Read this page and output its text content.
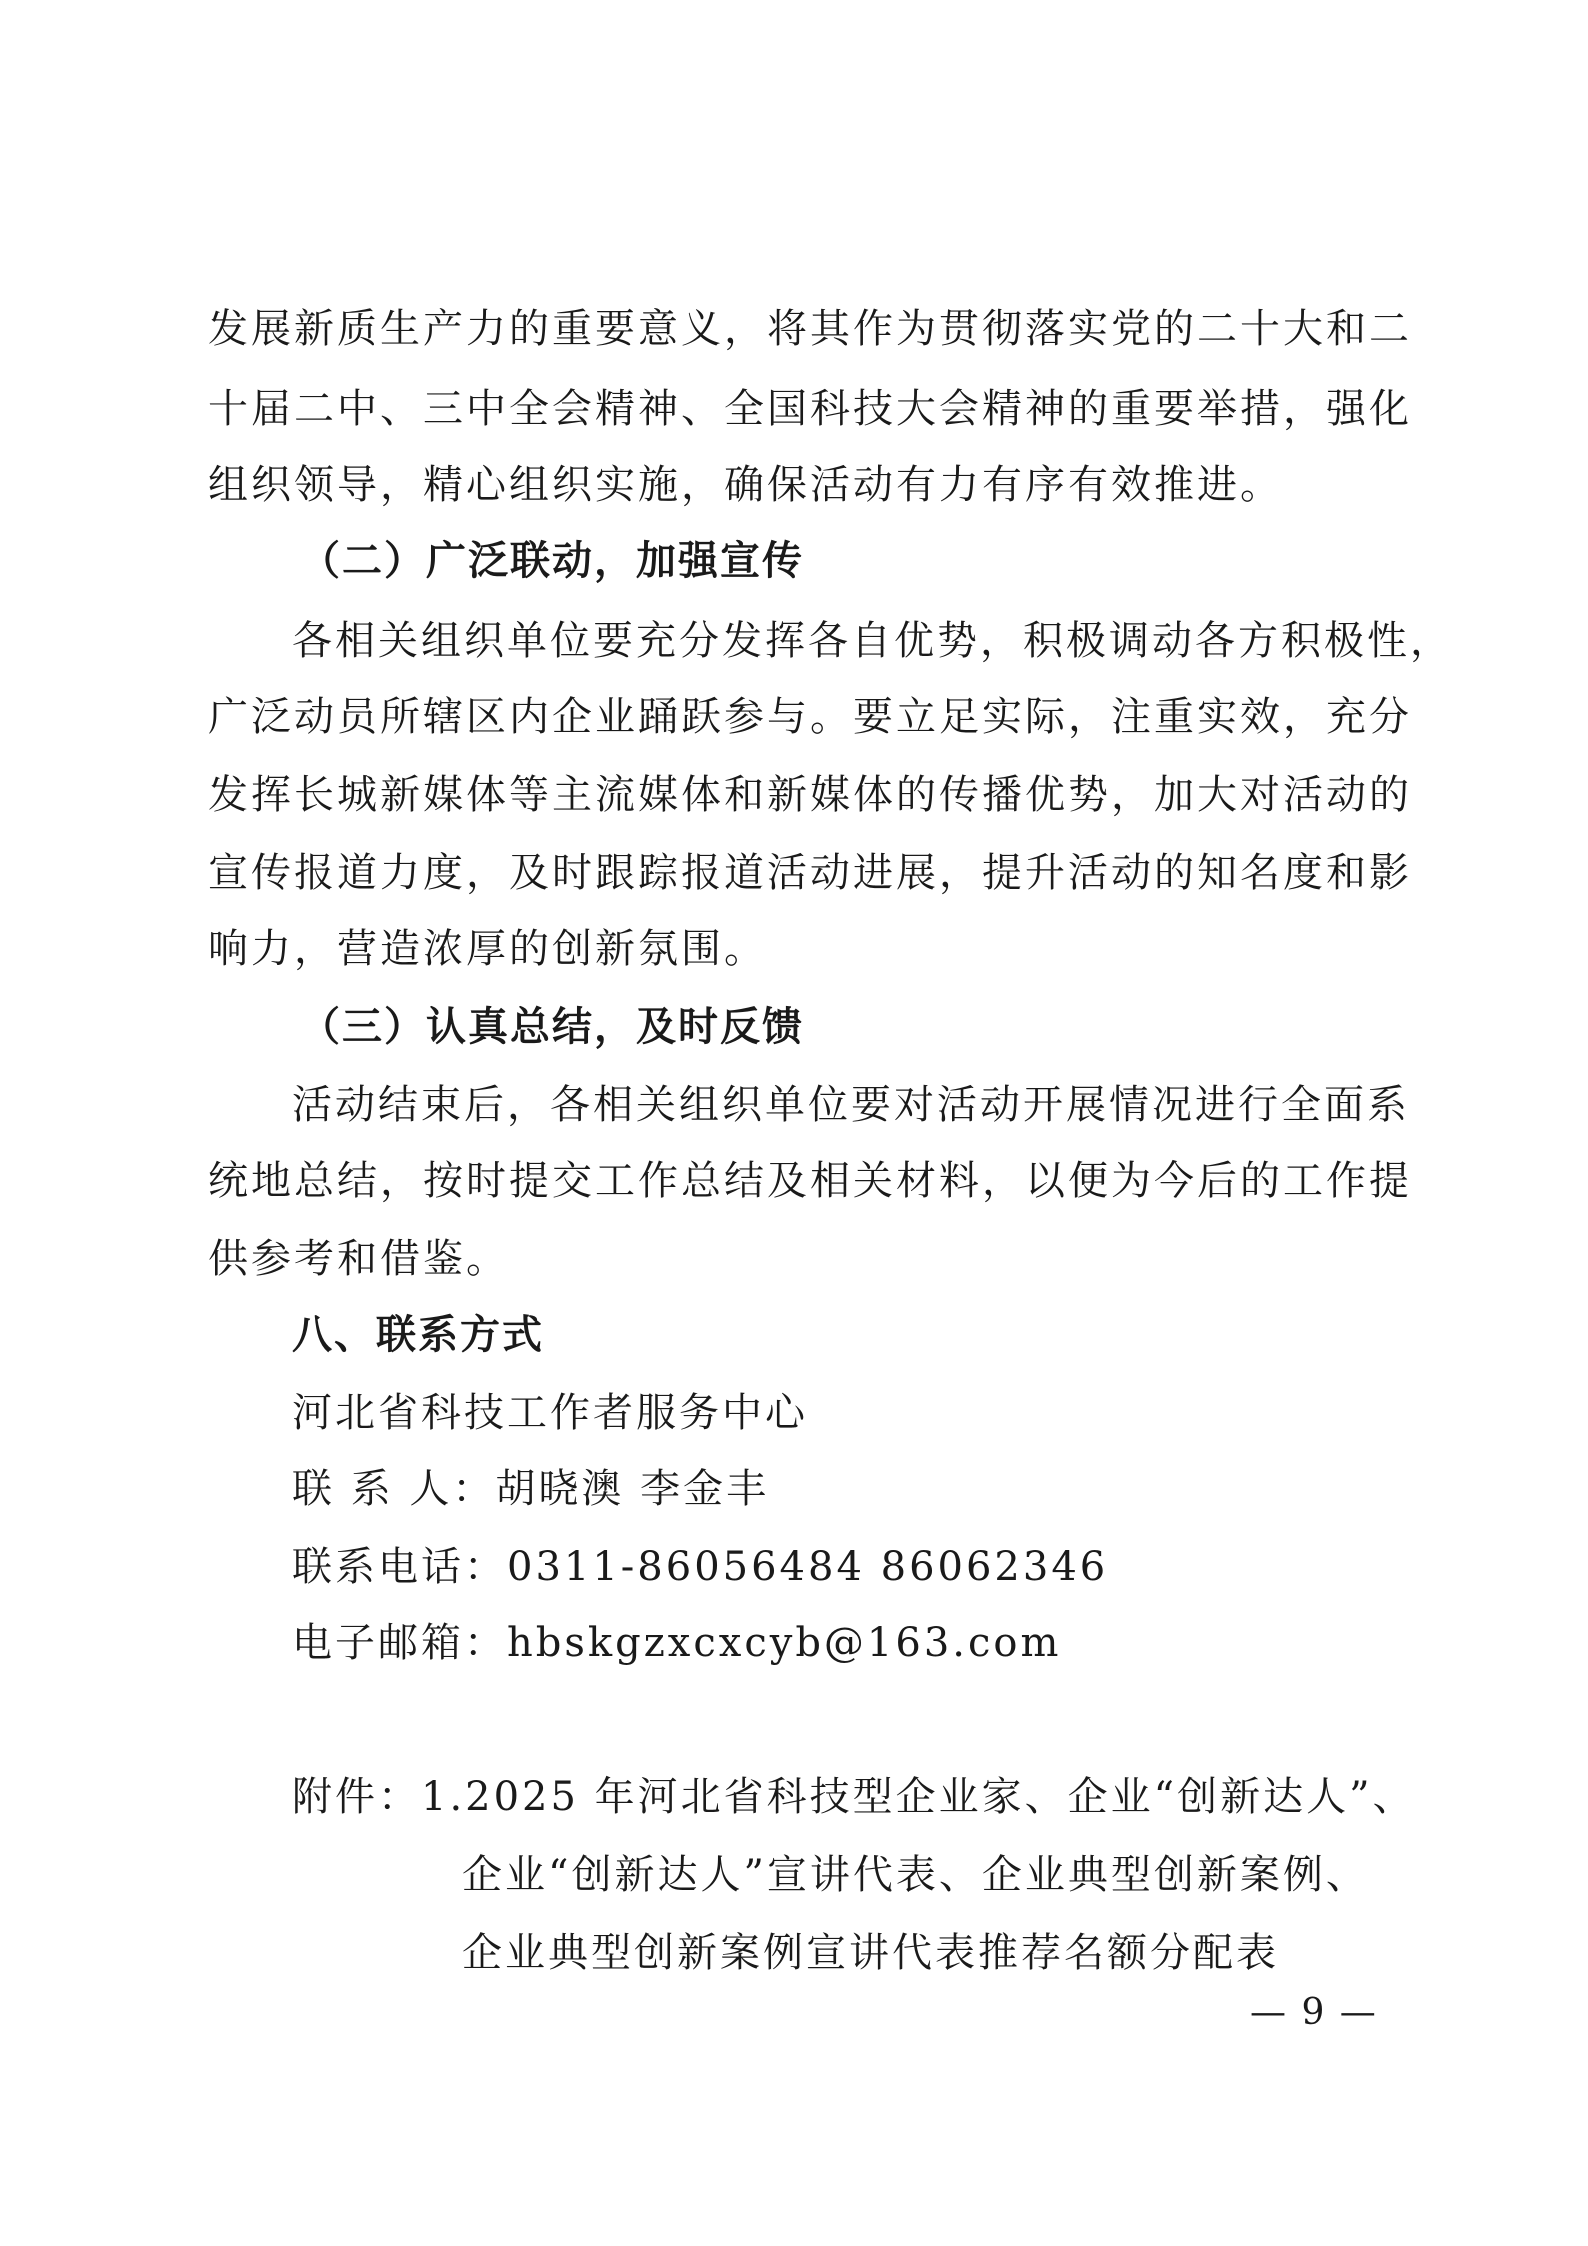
发展新质生产力的重要意义，将其作为贯彻落实党的二十大和二
十届二中、三中全会精神、全国科技大会精神的重要举措，强化
组织领导，精心组织实施，确保活动有力有序有效推进。
（二）广泛联动，加强宣传
各相关组织单位要充分发挥各自优势，积极调动各方积极性，
广泛动员所辖区内企业踊跃参与。要立足实际，注重实效，充分
发挥长城新媒体等主流媒体和新媒体的传播优势，加大对活动的
宣传报道力度，及时跟踪报道活动进展，提升活动的知名度和影
响力，营造浓厚的创新氛围。
（三）认真总结，及时反馈
活动结束后，各相关组织单位要对活动开展情况进行全面系
统地总结，按时提交工作总结及相关材料，以便为今后的工作提
供参考和借鉴。
八、联系方式
河北省科技工作者服务中心
联 系 人：胡晓澳 李金丰
联系电话：0311-86056484 86062346
电子邮箱：hbskgzxcxcyb@163.com
附件：1.2025 年河北省科技型企业家、企业“创新达人”、
企业“创新达人”宣讲代表、企业典型创新案例、
企业典型创新案例宣讲代表推荐名额分配表
— 9 —
